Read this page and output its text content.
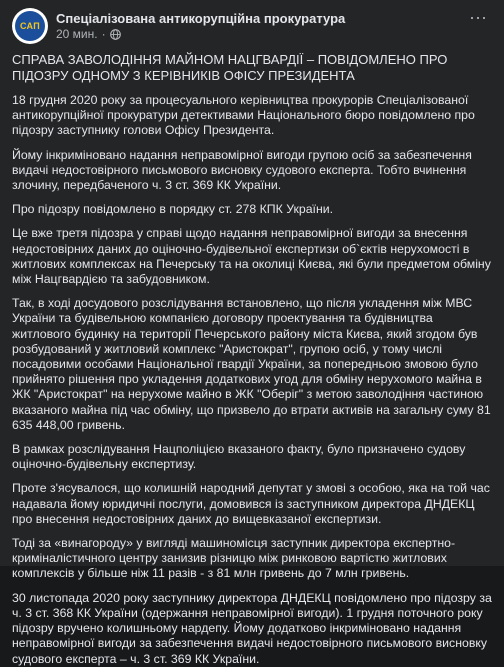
САП
Спеціалізована антикорупційна прокуратура
20 мин. ·
···

СПРАВА ЗАВОЛОДІННЯ МАЙНОМ НАЦГВАРДІЇ – ПОВІДОМЛЕНО ПРО ПІДОЗРУ ОДНОМУ З КЕРІВНИКІВ ОФІСУ ПРЕЗИДЕНТА

18 грудня 2020 року за процесуального керівництва прокурорів Спеціалізованої антикорупційної прокуратури детективами Національного бюро повідомлено про підозру заступнику голови Офісу Президента.

Йому інкриміновано надання неправомірної вигоди групою осіб за забезпечення видачі недостовірного письмового висновку судового експерта. Тобто вчинення злочину, передбаченого ч. 3 ст. 369 КК України.

Про підозру повідомлено в порядку ст. 278 КПК України.

Це вже третя підозра у справі щодо надання неправомірної вигоди за внесення недостовірних даних до оціночно-будівельної експертизи об`єктів нерухомості в житлових комплексах на Печерську та на околиці Києва, які були предметом обміну між Нацгвардією та забудовником.

Так, в ході досудового розслідування встановлено, що після укладення між МВС України та будівельною компанією договору проектування та будівництва житлового будинку на території Печерського району міста Києва, який згодом був розбудований у житловий комплекс "Аристократ", групою осіб, у тому числі посадовими особами Національної гвардії України, за попередньою змовою було прийнято рішення про укладення додаткових угод для обміну нерухомого майна в ЖК "Аристократ" на нерухоме майно в ЖК "Оберіг" з метою заволодіння частиною вказаного майна під час обміну, що призвело до втрати активів на загальну суму 81 635 448,00 гривень.

В рамках розслідування Нацполіцією вказаного факту, було призначено судову оціночно-будівельну експертизу.

Проте з'ясувалося, що колишній народний депутат у змові з особою, яка на той час надавала йому юридичні послуги, домовився із заступником директора ДНДЕКЦ про внесення недостовірних даних до вищевказаної експертизи.

Тоді за «винагороду» у вигляді машиномісця заступник директора експертно-криміналістичного центру занизив різницю між ринковою вартістю житлових комплексів у більше ніж 11 разів - з 81 млн гривень до 7 млн гривень.

30 листопада 2020 року заступнику директора ДНДЕКЦ повідомлено про підозру за ч. 3 ст. 368 КК України (одержання неправомірної вигоди). 1 грудня поточного року підозру вручено колишньому нардепу. Йому додатково інкриміновано надання неправомірної вигоди за забезпечення видачі недостовірного письмового висновку судового експерта – ч. 3 ст. 369 КК України.
